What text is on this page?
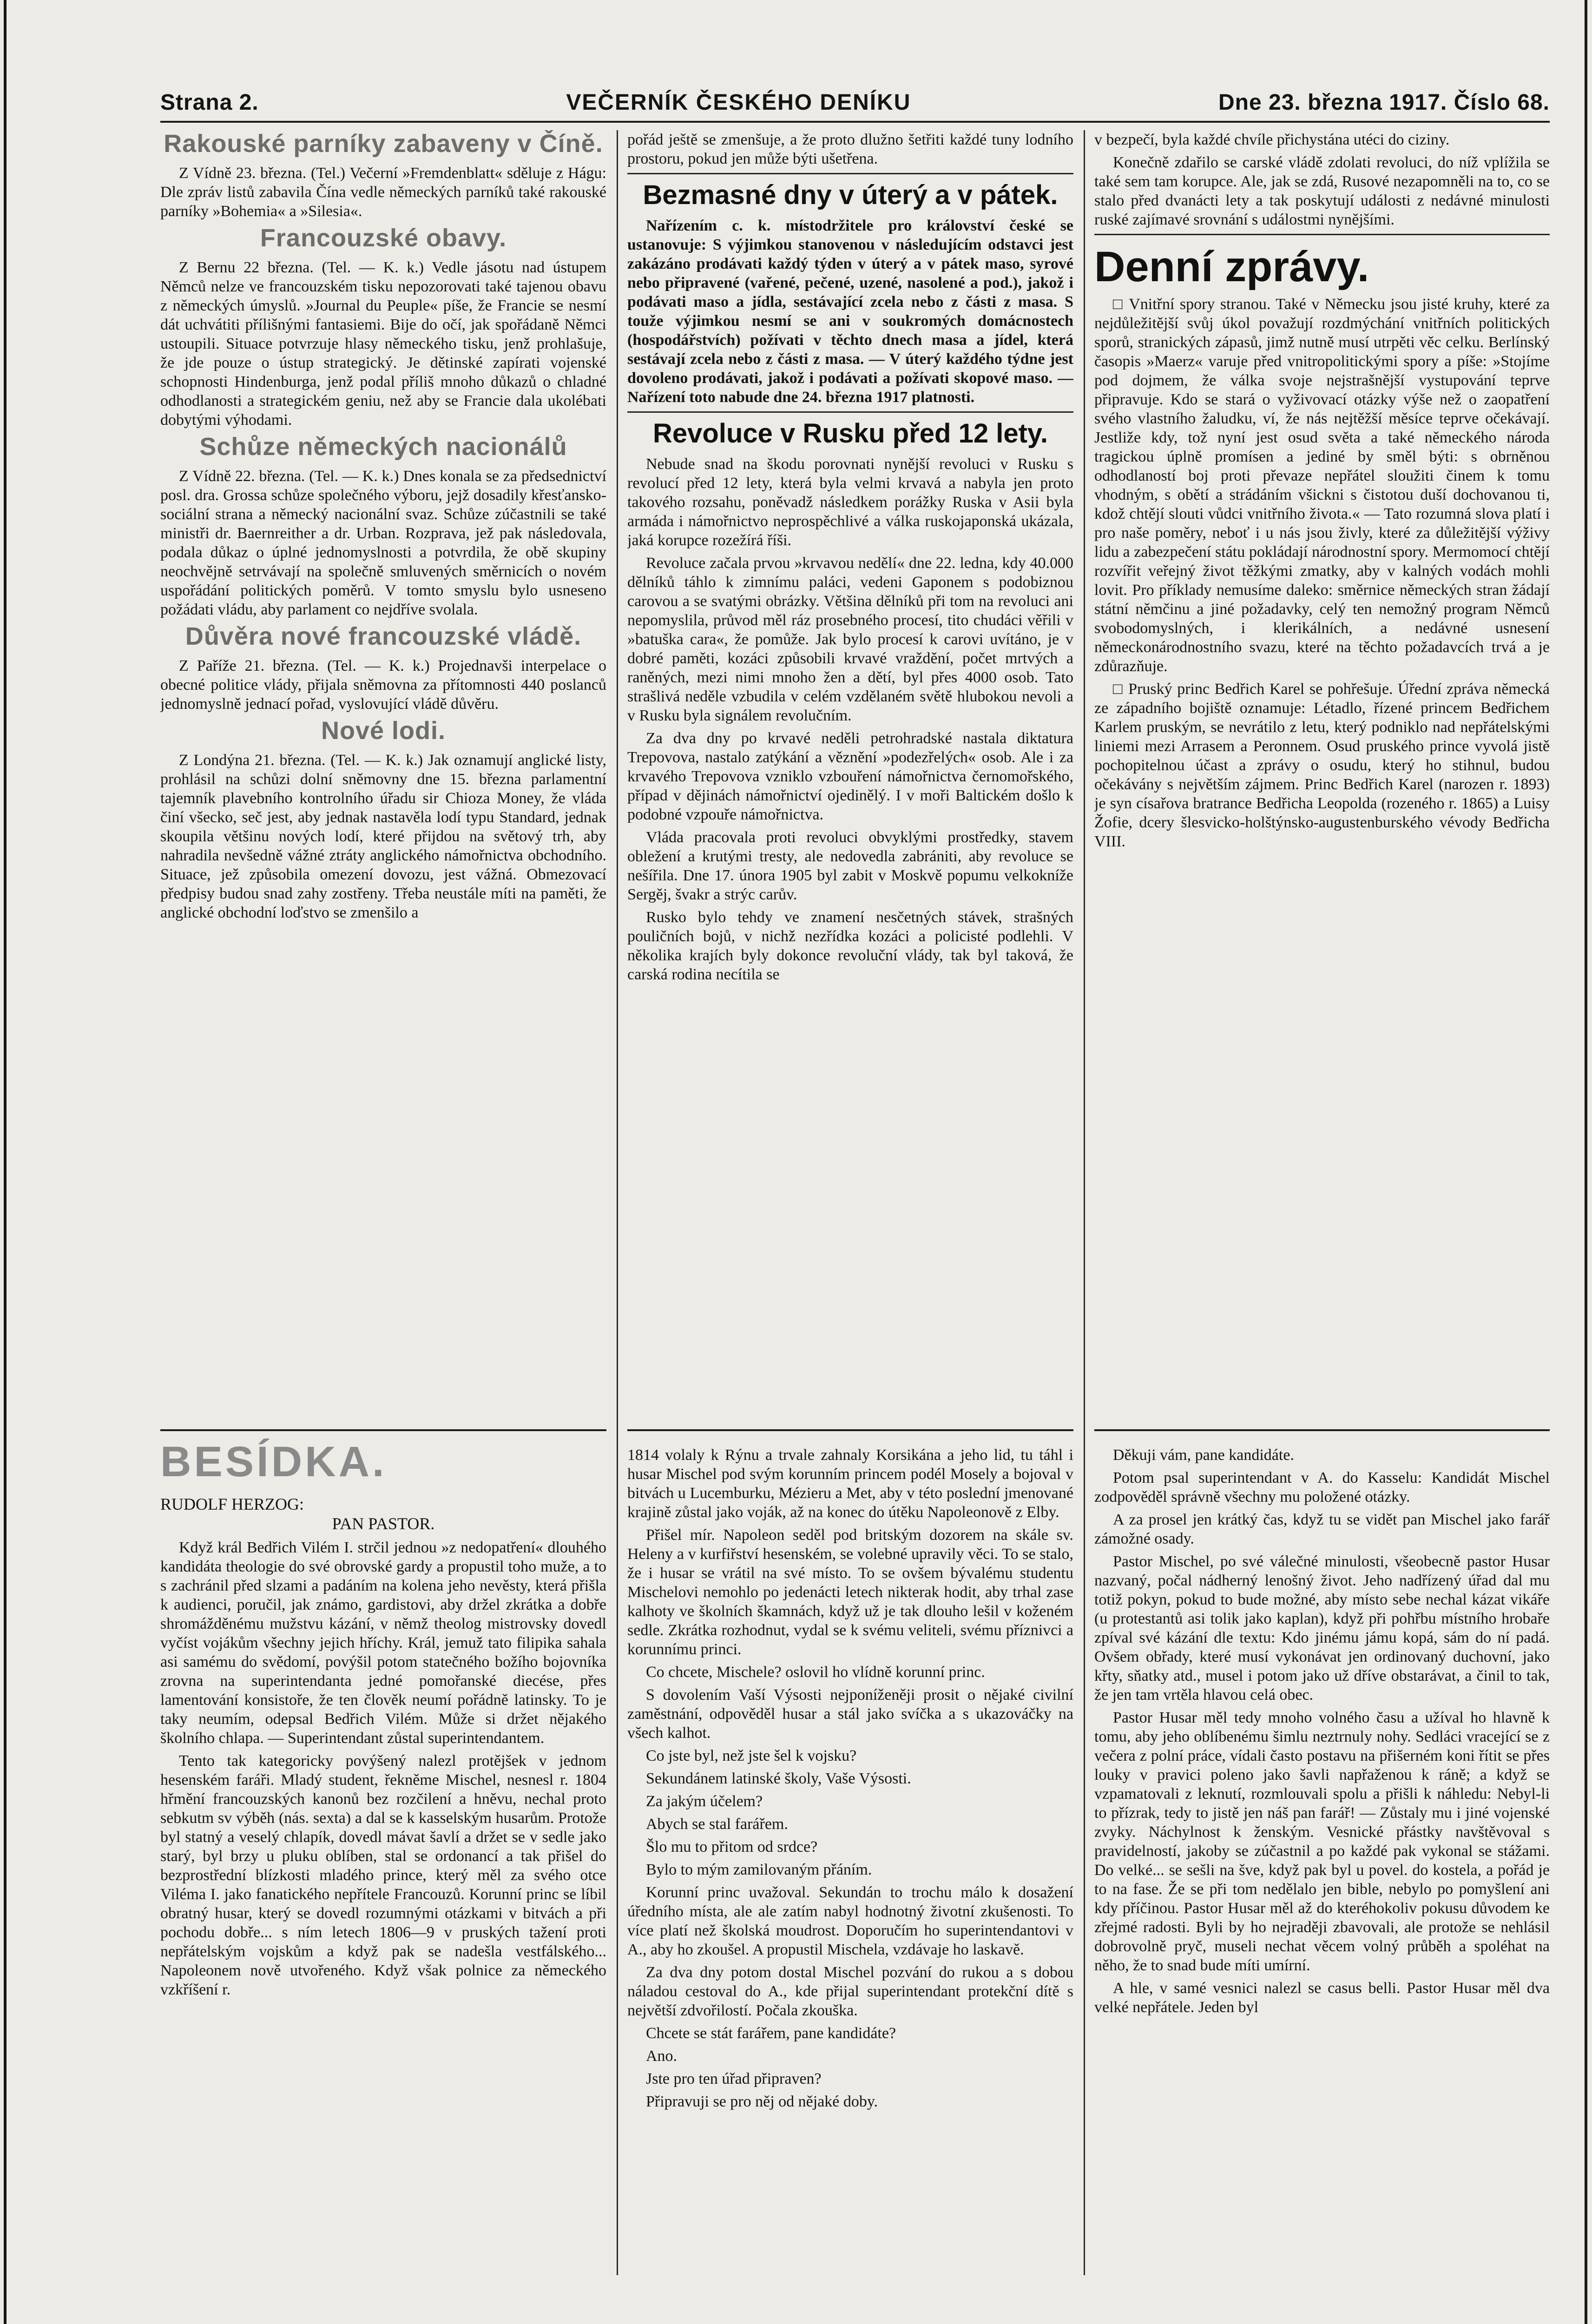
Strana 2.	VEČERNÍK ČESKÉHO DENÍKU	Dne 23. března 1917. Číslo 68.
Rakouské parníky zabaveny v Číně.

Z Vídně 23. března. (Tel.) Večerní »Fremdenblatt« sděluje z Hágu: Dle zpráv listů zabavila Čína vedle německých parníků také rakouské parníky »Bohemia« a »Silesia«.

Francouzské obavy.

Z Bernu 22 března. (Tel. — K. k.) Vedle jásotu nad ústupem Němců nelze ve francouzském tisku nepozorovati také tajenou obavu z německých úmyslů. »Journal du Peuple« píše, že Francie se nesmí dát uchvátiti přílišnými fantasiemi. Bije do očí, jak spořádaně Němci ustoupili. Situace potvrzuje hlasy německého tisku, jenž prohlašuje, že jde pouze o ústup strategický. Je dětinské zapírati vojenské schopnosti Hindenburga, jenž podal příliš mnoho důkazů o chladné odhodlanosti a strategickém geniu, než aby se Francie dala ukolébati dobytými výhodami.

Schůze německých nacionálů

Z Vídně 22. března. (Tel. — K. k.) Dnes konala se za předsednictví posl. dra. Grossa schůze společného výboru, jejž dosadily křesťansko-sociální strana a německý nacionální svaz. Schůze zúčastnili se také ministři dr. Baernreither a dr. Urban. Rozprava, jež pak následovala, podala důkaz o úplné jednomyslnosti a potvrdila, že obě skupiny neochvějně setrvávají na společně smluvených směrnicích o novém uspořádání politických poměrů. V tomto smyslu bylo usneseno požádati vládu, aby parlament co nejdříve svolala.

Důvěra nové francouzské vládě.

Z Paříže 21. března. (Tel. — K. k.) Projednavši interpelace o obecné politice vlády, přijala sněmovna za přítomnosti 440 poslanců jednomyslně jednací pořad, vyslovující vládě důvěru.

Nové lodi.

Z Londýna 21. března. (Tel. — K. k.) Jak oznamují anglické listy, prohlásil na schůzi dolní sněmovny dne 15. března parlamentní tajemník plavebního kontrolního úřadu sir Chioza Money, že vláda činí všecko, seč jest, aby jednak nastavěla lodí typu Standard, jednak skoupila většinu nových lodí, které přijdou na světový trh, aby nahradila nevšedně vážné ztráty anglického námořnictva obchodního. Situace, jež způsobila omezení dovozu, jest vážná. Obmezovací předpisy budou snad zahy zostřeny. Třeba neustále míti na paměti, že anglické obchodní loďstvo se zmenšilo a

pořád ještě se zmenšuje, a že proto dlužno šetřiti každé tuny lodního prostoru, pokud jen může býti ušetřena.

Bezmasné dny v úterý a v pátek.

Nařízením c. k. místodržitele pro království české se ustanovuje: S výjimkou stanovenou v následujícím odstavci jest zakázáno prodávati každý týden v úterý a v pátek maso, syrové nebo připravené (vařené, pečené, uzené, nasolené a pod.), jakož i podávati maso a jídla, sestávající zcela nebo z části z masa. S touže výjimkou nesmí se ani v soukromých domácnostech (hospodářstvích) požívati v těchto dnech masa a jídel, která sestávají zcela nebo z části z masa. — V úterý každého týdne jest dovoleno prodávati, jakož i podávati a požívati skopové maso. — Nařízení toto nabude dne 24. března 1917 platnosti.

Revoluce v Rusku před 12 lety.

Nebude snad na škodu porovnati nynější revoluci v Rusku s revolucí před 12 lety, která byla velmi krvavá a nabyla jen proto takového rozsahu, poněvadž následkem porážky Ruska v Asii byla armáda i námořnictvo neprospěchlivé a válka ruskojaponská ukázala, jaká korupce rozežírá říši.

Revoluce začala prvou »krvavou nedělí« dne 22. ledna, kdy 40.000 dělníků táhlo k zimnímu paláci, vedeni Gaponem s podobiznou carovou a se svatými obrázky. Většina dělníků při tom na revoluci ani nepomyslila, průvod měl ráz prosebného procesí, tito chudáci věřili v »batuška cara«, že pomůže. Jak bylo procesí k carovi uvítáno, je v dobré paměti, kozáci způsobili krvavé vraždění, počet mrtvých a raněných, mezi nimi mnoho žen a dětí, byl přes 4000 osob. Tato strašlivá neděle vzbudila v celém vzdělaném světě hlubokou nevoli a v Rusku byla signálem revolučním.

Za dva dny po krvavé neděli petrohradské nastala diktatura Trepovova, nastalo zatýkání a věznění »podezřelých« osob. Ale i za krvavého Trepovova vzniklo vzbouření námořnictva černomořského, případ v dějinách námořnictví ojedinělý. I v moři Baltickém došlo k podobné vzpouře námořnictva.

Vláda pracovala proti revoluci obvyklými prostředky, stavem obležení a krutými tresty, ale nedovedla zabrániti, aby revoluce se nešířila. Dne 17. února 1905 byl zabit v Moskvě popumu velkokníže Sergěj, švakr a strýc carův.

Rusko bylo tehdy ve znamení nesčetných stávek, strašných pouličních bojů, v nichž nezřídka kozáci a policisté podlehli. V několika krajích byly dokonce revoluční vlády, tak byl taková, že carská rodina necítila se

v bezpečí, byla každé chvíle přichystána utéci do ciziny.

Konečně zdařilo se carské vládě zdolati revoluci, do níž vplížila se také sem tam korupce. Ale, jak se zdá, Rusové nezapomněli na to, co se stalo před dvanácti lety a tak poskytují události z nedávné minulosti ruské zajímavé srovnání s událostmi nynějšími.

Denní zprávy.

□ Vnitřní spory stranou. Také v Německu jsou jisté kruhy, které za nejdůležitější svůj úkol považují rozdmýchání vnitřních politických sporů, stranických zápasů, jimž nutně musí utrpěti věc celku. Berlínský časopis »Maerz« varuje před vnitropolitickými spory a píše: »Stojíme pod dojmem, že válka svoje nejstrašnější vystupování teprve připravuje. Kdo se stará o vyživovací otázky výše než o zaopatření svého vlastního žaludku, ví, že nás nejtěžší měsíce teprve očekávají. Jestliže kdy, tož nyní jest osud světa a také německého národa tragickou úplně promísen a jediné by směl býti: s obrněnou odhodlaností boj proti převaze nepřátel sloužiti činem k tomu vhodným, s obětí a strádáním všickni s čistotou duší dochovanou ti, kdož chtějí slouti vůdci vnitřního života.« — Tato rozumná slova platí i pro naše poměry, neboť i u nás jsou živly, které za důležitější výživy lidu a zabezpečení státu pokládají národnostní spory. Mermomocí chtějí rozvířit veřejný život těžkými zmatky, aby v kalných vodách mohli lovit. Pro příklady nemusíme daleko: směrnice německých stran žádají státní němčinu a jiné požadavky, celý ten nemožný program Němců svobodomyslných, i klerikálních, a nedávné usnesení německonárodnostního svazu, které na těchto požadavcích trvá a je zdůrazňuje.

□ Pruský princ Bedřich Karel se pohřešuje. Úřední zpráva německá ze západního bojiště oznamuje: Létadlo, řízené princem Bedřichem Karlem pruským, se nevrátilo z letu, který podniklo nad nepřátelskými liniemi mezi Arrasem a Peronnem. Osud pruského prince vyvolá jistě pochopitelnou účast a zprávy o osudu, který ho stihnul, budou očekávány s největším zájmem. Princ Bedřich Karel (narozen r. 1893) je syn císařova bratrance Bedřicha Leopolda (rozeného r. 1865) a Luisy Žofie, dcery šlesvicko-holštýnsko-augustenburského vévody Bedřicha VIII.

BESÍDKA.

RUDOLF HERZOG:

PAN PASTOR.

Když král Bedřich Vilém I. strčil jednou »z nedopatření« dlouhého kandidáta theologie do své obrovské gardy a propustil toho muže, a to s zachránil před slzami a padáním na kolena jeho nevěsty, která přišla k audienci, poručil, jak známo, gardistovi, aby držel zkrátka a dobře shromážděnému mužstvu kázání, v němž theolog mistrovsky dovedl vyčíst vojákům všechny jejich hříchy. Král, jemuž tato filipika sahala asi samému do svědomí, povýšil potom statečného božího bojovníka zrovna na superintendanta jedné pomořanské diecése, přes lamentování konsistoře, že ten člověk neumí pořádně latinsky. To je taky neumím, odepsal Bedřich Vilém. Může si držet nějakého školního chlapa. — Superintendant zůstal superintendantem.

Tento tak kategoricky povýšený nalezl protějšek v jednom hesenském faráři. Mladý student, řekněme Mischel, nesnesl r. 1804 hřmění francouzských kanonů bez rozčilení a hněvu, nechal proto sebkutm sv výběh (nás. sexta) a dal se k kasselským husarům. Protože byl statný a veselý chlapík, dovedl mávat šavlí a držet se v sedle jako starý, byl brzy u pluku oblíben, stal se ordonancí a tak přišel do bezprostřední blízkosti mladého prince, který měl za svého otce Viléma I. jako fanatického nepřítele Francouzů. Korunní princ se líbil obratný husar, který se dovedl rozumnými otázkami v bitvách a při pochodu dobře... s ním letech 1806—9 v pruských tažení proti nepřátelským vojskům a když pak se nadešla vestfálského... Napoleonem nově utvořeného. Když však polnice za německého vzkříšení r.

1814 volaly k Rýnu a trvale zahnaly Korsikána a jeho lid, tu táhl i husar Mischel pod svým korunním princem podél Mosely a bojoval v bitvách u Lucemburku, Mézieru a Met, aby v této poslední jmenované krajině zůstal jako voják, až na konec do útěku Napoleonově z Elby.

Přišel mír. Napoleon seděl pod britským dozorem na skále sv. Heleny a v kurfiřství hesenském, se volebné upravily věci. To se stalo, že i husar se vrátil na své místo. To se ovšem bývalému studentu Mischelovi nemohlo po jedenácti letech nikterak hodit, aby trhal zase kalhoty ve školních škamnách, když už je tak dlouho lešil v koženém sedle. Zkrátka rozhodnut, vydal se k svému veliteli, svému příznivci a korunnímu princi.

Co chcete, Mischele? oslovil ho vlídně korunní princ.

S dovolením Vaší Výsosti nejponíženěji prosit o nějaké civilní zaměstnání, odpověděl husar a stál jako svíčka a s ukazováčky na všech kalhot.

Co jste byl, než jste šel k vojsku?

Sekundánem latinské školy, Vaše Výsosti.

Za jakým účelem?

Abych se stal farářem.

Šlo mu to přitom od srdce?

Bylo to mým zamilovaným přáním.

Korunní princ uvažoval. Sekundán to trochu málo k dosažení úředního místa, ale ale zatím nabyl hodnotný životní zkušenosti. To více platí než školská moudrost. Doporučím ho superintendantovi v A., aby ho zkoušel. A propustil Mischela, vzdávaje ho laskavě.

Za dva dny potom dostal Mischel pozvání do rukou a s dobou náladou cestoval do A., kde přijal superintendant protekční dítě s největší zdvořilostí. Počala zkouška.

Chcete se stát farářem, pane kandidáte?

Ano.

Jste pro ten úřad připraven?

Připravuji se pro něj od nějaké doby.

Děkuji vám, pane kandidáte.

Potom psal superintendant v A. do Kasselu: Kandidát Mischel zodpověděl správně všechny mu položené otázky.

A za prosel jen krátký čas, když tu se vidět pan Mischel jako farář zámožné osady.

Pastor Mischel, po své válečné minulosti, všeobecně pastor Husar nazvaný, počal nádherný lenošný život. Jeho nadřízený úřad dal mu totiž pokyn, pokud to bude možné, aby místo sebe nechal kázat vikáře (u protestantů asi tolik jako kaplan), když při pohřbu místního hrobaře zpíval své kázání dle textu: Kdo jinému jámu kopá, sám do ní padá. Ovšem obřady, které musí vykonávat jen ordinovaný duchovní, jako křty, sňatky atd., musel i potom jako už dříve obstarávat, a činil to tak, že jen tam vrtěla hlavou celá obec.

Pastor Husar měl tedy mnoho volného času a užíval ho hlavně k tomu, aby jeho oblíbenému šimlu neztrnuly nohy. Sedláci vracející se z večera z polní práce, vídali často postavu na přišerném koni řítit se přes louky v pravici poleno jako šavli napřaženou k ráně; a když se vzpamatovali z leknutí, rozmlouvali spolu a přišli k náhledu: Nebyl-li to přízrak, tedy to jistě jen náš pan farář! — Zůstaly mu i jiné vojenské zvyky. Náchylnost k ženským. Vesnické přástky navštěvoval s pravidelností, jakoby se zúčastnil a po každé pak vykonal se stážami. Do velké... se sešli na šve, když pak byl u povel. do kostela, a pořád je to na fase. Že se při tom nedělalo jen bible, nebylo po pomyšlení ani kdy příčinou. Pastor Husar měl až do kteréhokoliv pokusu důvodem ke zřejmé radosti. Byli by ho nejraději zbavovali, ale protože se nehlásil dobrovolně pryč, museli nechat věcem volný průběh a spoléhat na něho, že to snad bude míti umírní.

A hle, v samé vesnici nalezl se casus belli. Pastor Husar měl dva velké nepřátele. Jeden byl
